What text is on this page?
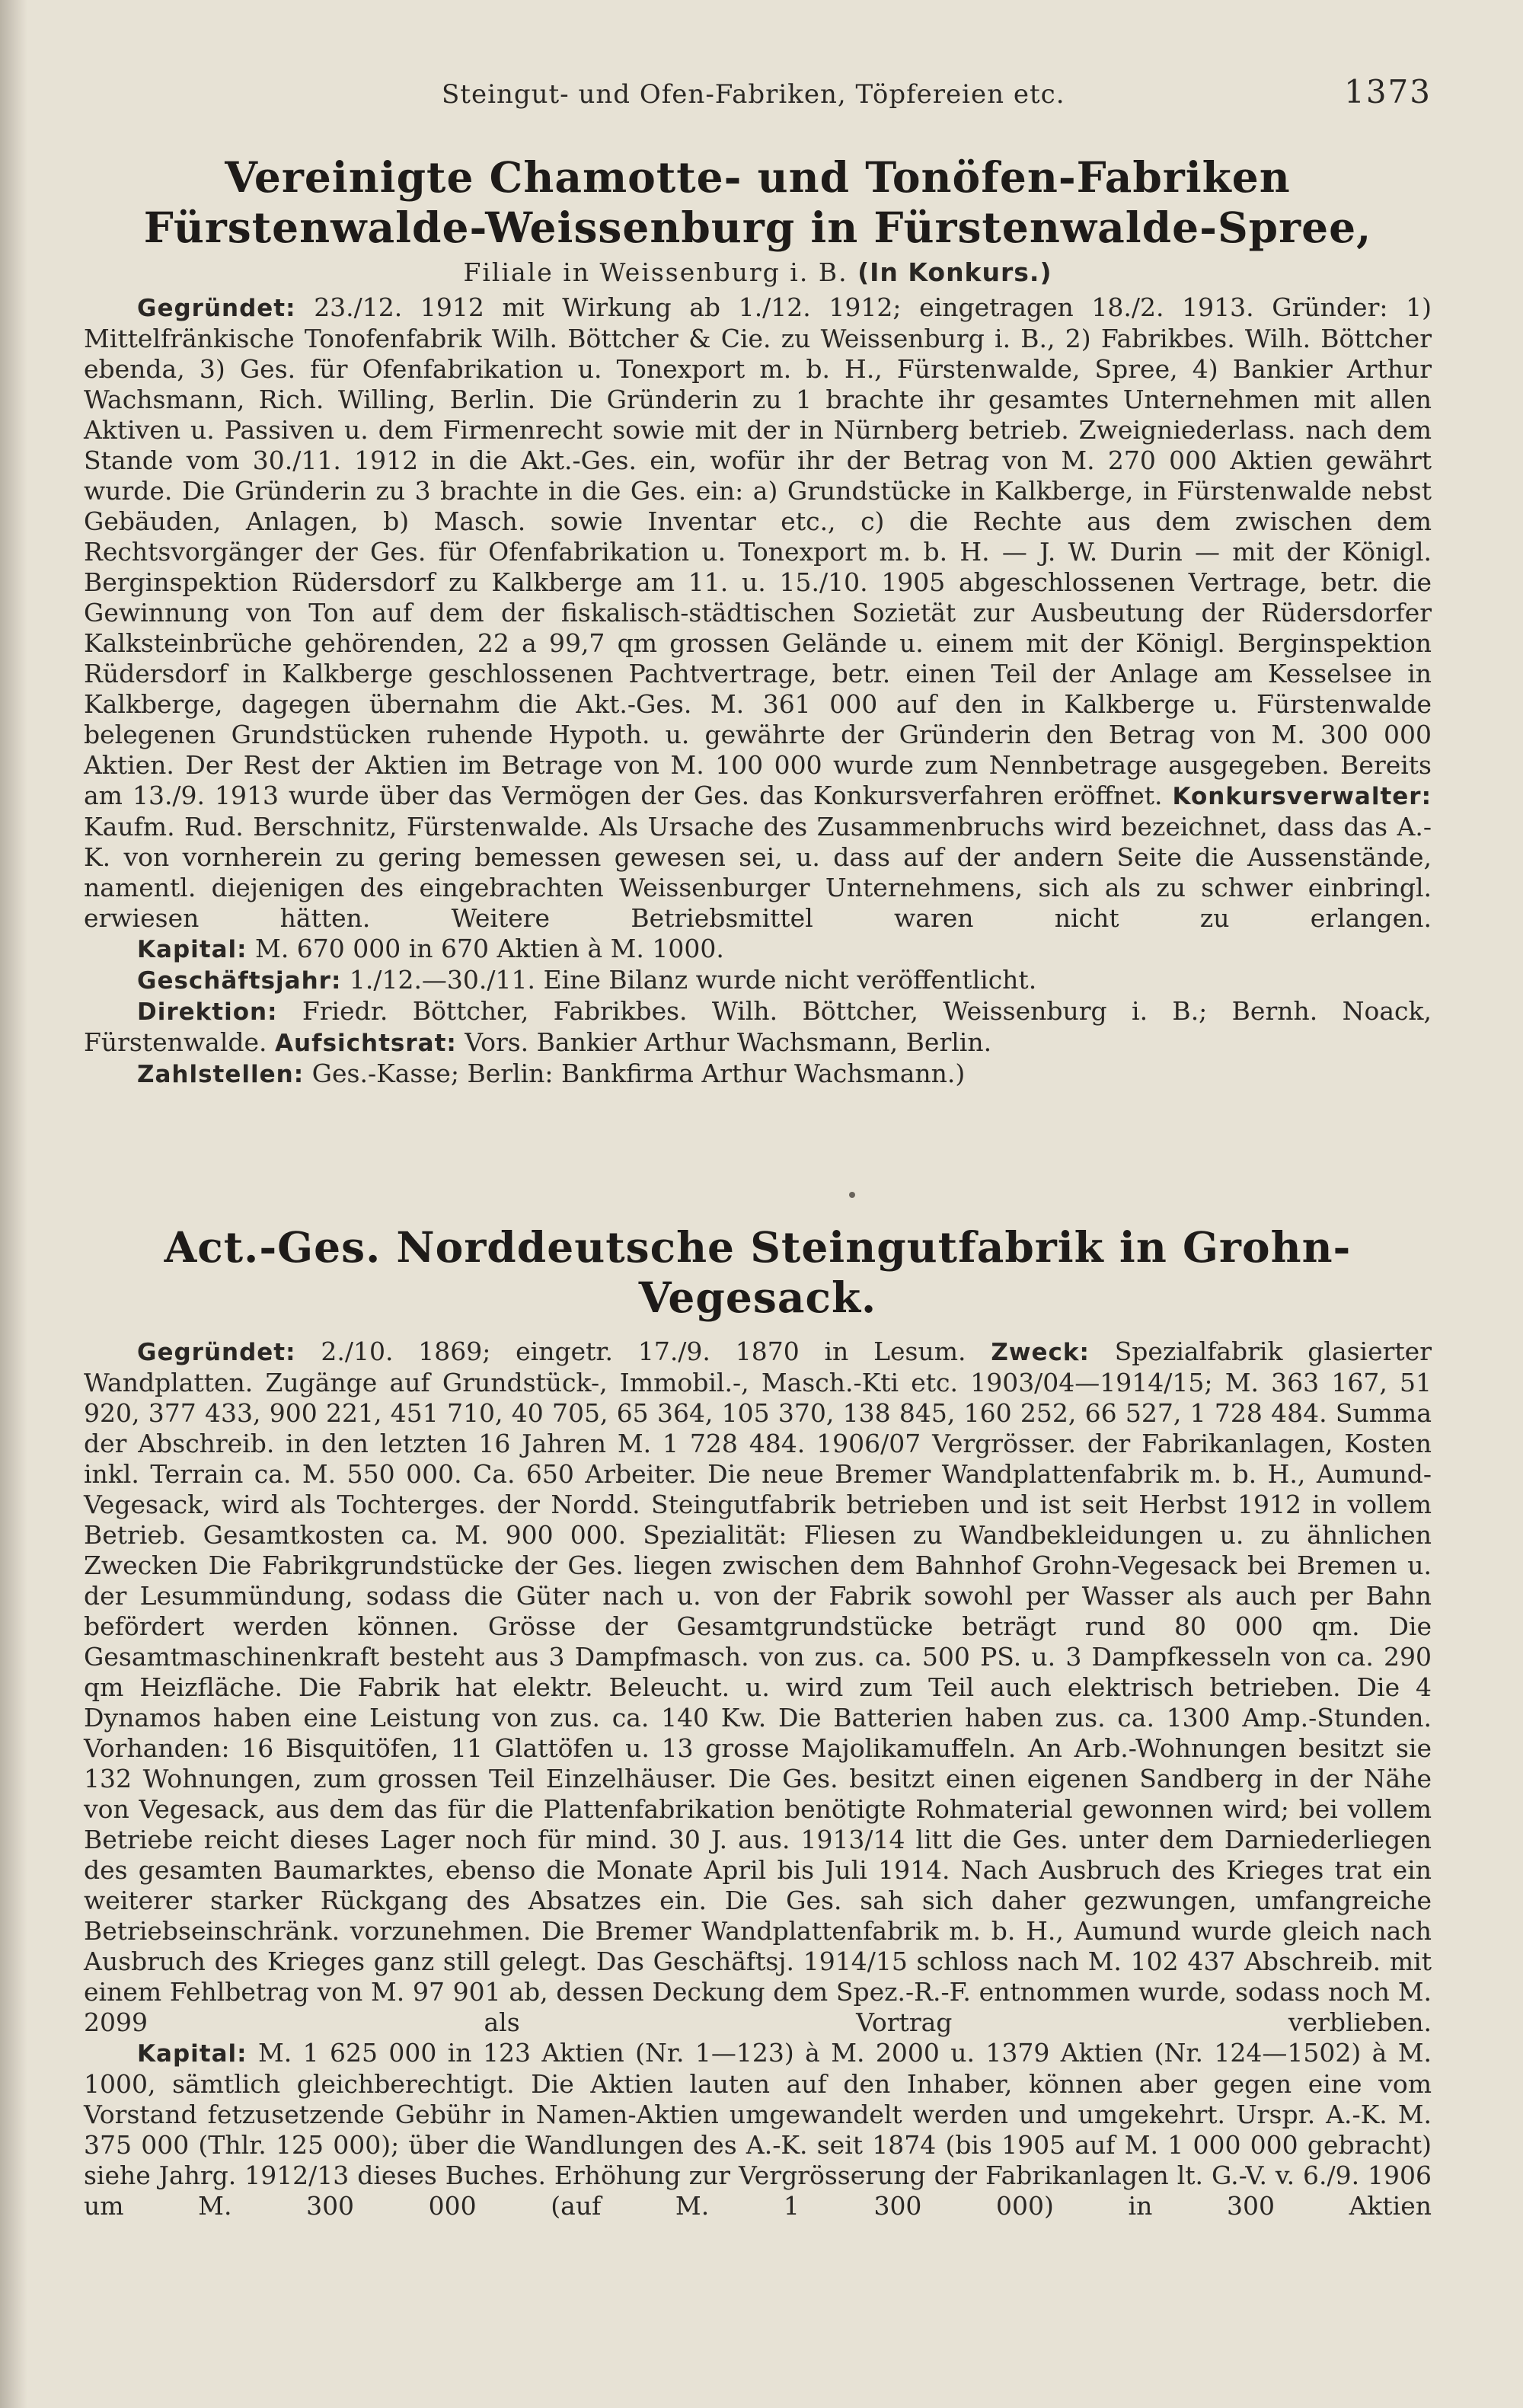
Steingut- und Ofen-Fabriken, Töpfereien etc.	1373
Vereinigte Chamotte- und Tonöfen-Fabriken
Fürstenwalde-Weissenburg in Fürstenwalde-Spree,
Filiale in Weissenburg i. B. (In Konkurs.)

Gegründet: 23./12. 1912 mit Wirkung ab 1./12. 1912; eingetragen 18./2. 1913. Gründer: 1) Mittelfränkische Tonofenfabrik Wilh. Böttcher & Cie. zu Weissenburg i. B., 2) Fabrikbes. Wilh. Böttcher ebenda, 3) Ges. für Ofenfabrikation u. Tonexport m. b. H., Fürstenwalde, Spree, 4) Bankier Arthur Wachsmann, Rich. Willing, Berlin. Die Gründerin zu 1 brachte ihr gesamtes Unternehmen mit allen Aktiven u. Passiven u. dem Firmenrecht sowie mit der in Nürnberg betrieb. Zweigniederlass. nach dem Stande vom 30./11. 1912 in die Akt.-Ges. ein, wofür ihr der Betrag von M. 270 000 Aktien gewährt wurde. Die Gründerin zu 3 brachte in die Ges. ein: a) Grundstücke in Kalkberge, in Fürstenwalde nebst Gebäuden, Anlagen, b) Masch. sowie Inventar etc., c) die Rechte aus dem zwischen dem Rechtsvorgänger der Ges. für Ofenfabrikation u. Tonexport m. b. H. — J. W. Durin — mit der Königl. Berginspektion Rüdersdorf zu Kalkberge am 11. u. 15./10. 1905 abgeschlossenen Vertrage, betr. die Gewinnung von Ton auf dem der fiskalisch-städtischen Sozietät zur Ausbeutung der Rüdersdorfer Kalksteinbrüche gehörenden, 22 a 99,7 qm grossen Gelände u. einem mit der Königl. Berginspektion Rüdersdorf in Kalkberge geschlossenen Pachtvertrage, betr. einen Teil der Anlage am Kesselsee in Kalkberge, dagegen übernahm die Akt.-Ges. M. 361 000 auf den in Kalkberge u. Fürstenwalde belegenen Grundstücken ruhende Hypoth. u. gewährte der Gründerin den Betrag von M. 300 000 Aktien. Der Rest der Aktien im Betrage von M. 100 000 wurde zum Nennbetrage ausgegeben. Bereits am 13./9. 1913 wurde über das Vermögen der Ges. das Konkursverfahren eröffnet. Konkursverwalter: Kaufm. Rud. Berschnitz, Fürstenwalde. Als Ursache des Zusammenbruchs wird bezeichnet, dass das A.-K. von vornherein zu gering bemessen gewesen sei, u. dass auf der andern Seite die Aussenstände, namentl. diejenigen des eingebrachten Weissenburger Unternehmens, sich als zu schwer einbringl. erwiesen hätten. Weitere Betriebsmittel waren nicht zu erlangen.

Kapital: M. 670 000 in 670 Aktien à M. 1000.

Geschäftsjahr: 1./12.—30./11. Eine Bilanz wurde nicht veröffentlicht.

Direktion: Friedr. Böttcher, Fabrikbes. Wilh. Böttcher, Weissenburg i. B.; Bernh. Noack, Fürstenwalde. Aufsichtsrat: Vors. Bankier Arthur Wachsmann, Berlin.

Zahlstellen: Ges.-Kasse; Berlin: Bankfirma Arthur Wachsmann.)

Act.-Ges. Norddeutsche Steingutfabrik in Grohn-Vegesack.

Gegründet: 2./10. 1869; eingetr. 17./9. 1870 in Lesum. Zweck: Spezialfabrik glasierter Wandplatten. Zugänge auf Grundstück-, Immobil.-, Masch.-Kti etc. 1903/04—1914/15; M. 363 167, 51 920, 377 433, 900 221, 451 710, 40 705, 65 364, 105 370, 138 845, 160 252, 66 527, 1 728 484. Summa der Abschreib. in den letzten 16 Jahren M. 1 728 484. 1906/07 Vergrösser. der Fabrikanlagen, Kosten inkl. Terrain ca. M. 550 000. Ca. 650 Arbeiter. Die neue Bremer Wandplattenfabrik m. b. H., Aumund-Vegesack, wird als Tochterges. der Nordd. Steingutfabrik betrieben und ist seit Herbst 1912 in vollem Betrieb. Gesamtkosten ca. M. 900 000. Spezialität: Fliesen zu Wandbekleidungen u. zu ähnlichen Zwecken Die Fabrikgrundstücke der Ges. liegen zwischen dem Bahnhof Grohn-Vegesack bei Bremen u. der Lesummündung, sodass die Güter nach u. von der Fabrik sowohl per Wasser als auch per Bahn befördert werden können. Grösse der Gesamtgrundstücke beträgt rund 80 000 qm. Die Gesamtmaschinenkraft besteht aus 3 Dampfmasch. von zus. ca. 500 PS. u. 3 Dampfkesseln von ca. 290 qm Heizfläche. Die Fabrik hat elektr. Beleucht. u. wird zum Teil auch elektrisch betrieben. Die 4 Dynamos haben eine Leistung von zus. ca. 140 Kw. Die Batterien haben zus. ca. 1300 Amp.-Stunden. Vorhanden: 16 Bisquitöfen, 11 Glattöfen u. 13 grosse Majolikamuffeln. An Arb.-Wohnungen besitzt sie 132 Wohnungen, zum grossen Teil Einzelhäuser. Die Ges. besitzt einen eigenen Sandberg in der Nähe von Vegesack, aus dem das für die Plattenfabrikation benötigte Rohmaterial gewonnen wird; bei vollem Betriebe reicht dieses Lager noch für mind. 30 J. aus. 1913/14 litt die Ges. unter dem Darniederliegen des gesamten Baumarktes, ebenso die Monate April bis Juli 1914. Nach Ausbruch des Krieges trat ein weiterer starker Rückgang des Absatzes ein. Die Ges. sah sich daher gezwungen, umfangreiche Betriebseinschränk. vorzunehmen. Die Bremer Wandplattenfabrik m. b. H., Aumund wurde gleich nach Ausbruch des Krieges ganz still gelegt. Das Geschäftsj. 1914/15 schloss nach M. 102 437 Abschreib. mit einem Fehlbetrag von M. 97 901 ab, dessen Deckung dem Spez.-R.-F. entnommen wurde, sodass noch M. 2099 als Vortrag verblieben.

Kapital: M. 1 625 000 in 123 Aktien (Nr. 1—123) à M. 2000 u. 1379 Aktien (Nr. 124—1502) à M. 1000, sämtlich gleichberechtigt. Die Aktien lauten auf den Inhaber, können aber gegen eine vom Vorstand fetzusetzende Gebühr in Namen-Aktien umgewandelt werden und umgekehrt. Urspr. A.-K. M. 375 000 (Thlr. 125 000); über die Wandlungen des A.-K. seit 1874 (bis 1905 auf M. 1 000 000 gebracht) siehe Jahrg. 1912/13 dieses Buches. Erhöhung zur Vergrösserung der Fabrikanlagen lt. G.-V. v. 6./9. 1906 um M. 300 000 (auf M. 1 300 000) in 300 Aktien
